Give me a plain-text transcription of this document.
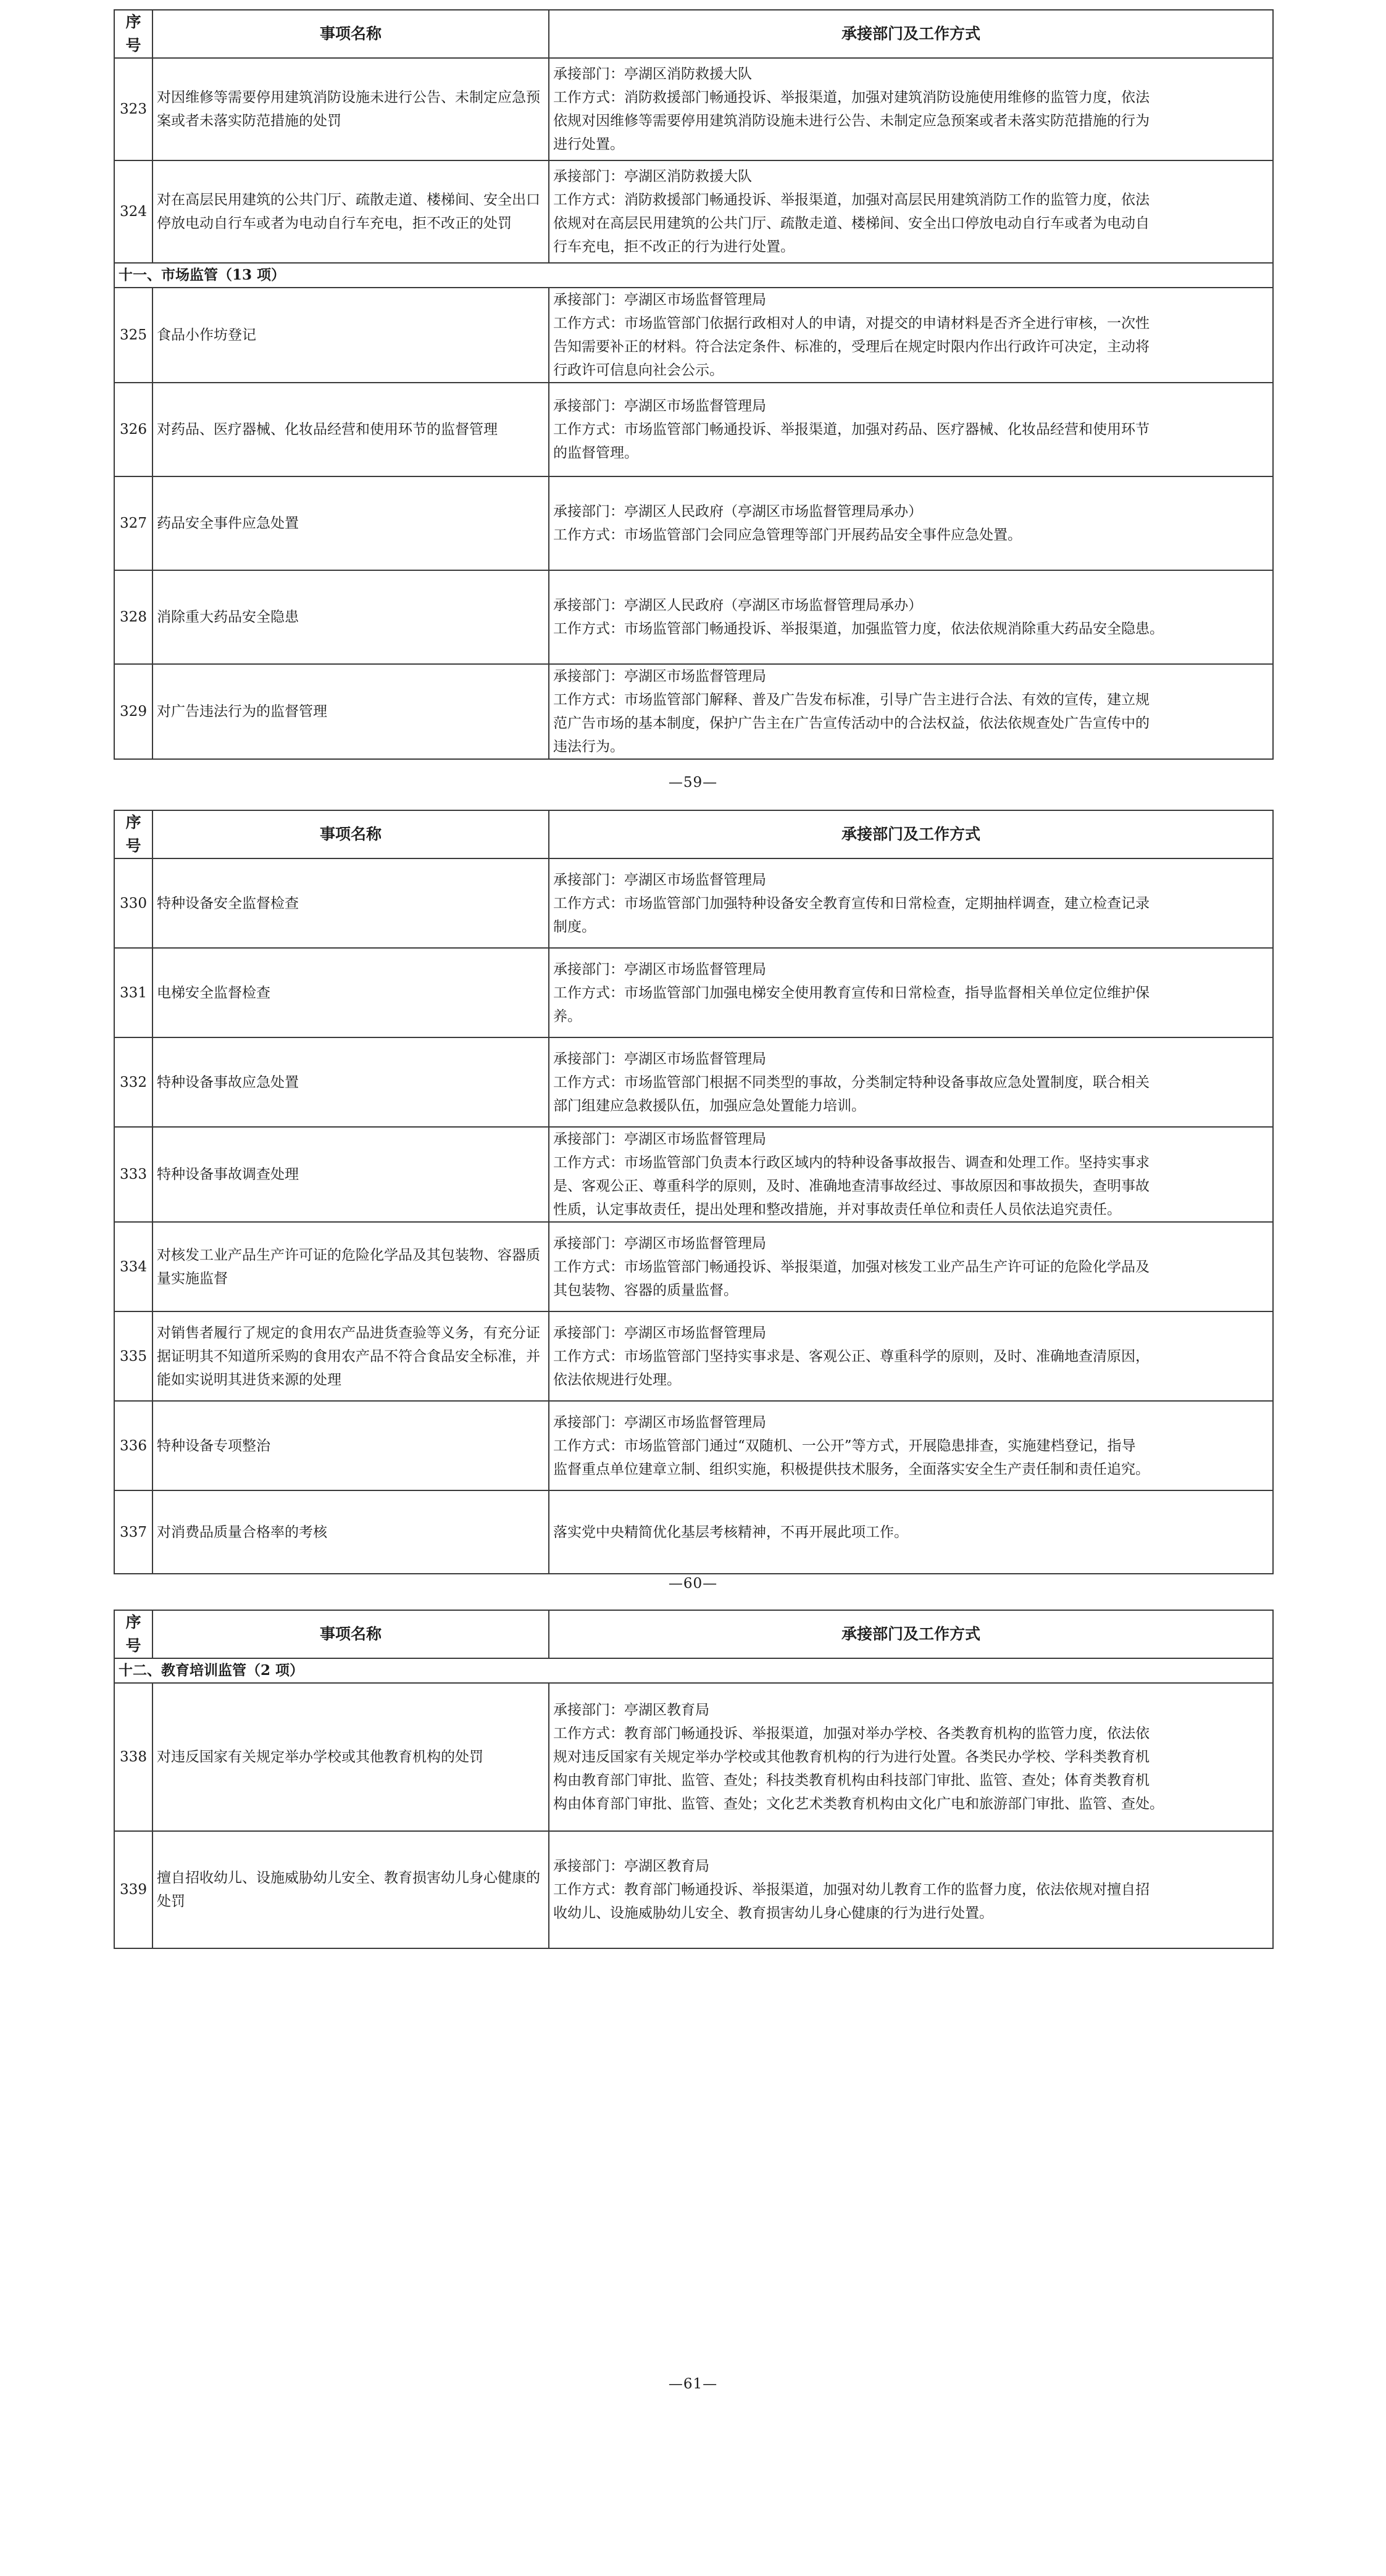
序号	事项名称	承接部门及工作方式
323	对因维修等需要停用建筑消防设施未进行公告、未制定应急预案或者未落实防范措施的处罚	承接部门：亭湖区消防救援大队
工作方式：消防救援部门畅通投诉、举报渠道，加强对建筑消防设施使用维修的监管力度，依法
依规对因维修等需要停用建筑消防设施未进行公告、未制定应急预案或者未落实防范措施的行为
进行处置。

324	对在高层民用建筑的公共门厅、疏散走道、楼梯间、安全出口停放电动自行车或者为电动自行车充电，拒不改正的处罚	承接部门：亭湖区消防救援大队
工作方式：消防救援部门畅通投诉、举报渠道，加强对高层民用建筑消防工作的监管力度，依法
依规对在高层民用建筑的公共门厅、疏散走道、楼梯间、安全出口停放电动自行车或者为电动自
行车充电，拒不改正的行为进行处置。

十一、市场监管（13 项）		
325	食品小作坊登记	承接部门：亭湖区市场监督管理局
工作方式：市场监管部门依据行政相对人的申请，对提交的申请材料是否齐全进行审核，一次性
告知需要补正的材料。符合法定条件、标准的，受理后在规定时限内作出行政许可决定，主动将
行政许可信息向社会公示。

326	对药品、医疗器械、化妆品经营和使用环节的监督管理	承接部门：亭湖区市场监督管理局
工作方式：市场监管部门畅通投诉、举报渠道，加强对药品、医疗器械、化妆品经营和使用环节
的监督管理。

327	药品安全事件应急处置	承接部门：亭湖区人民政府（亭湖区市场监督管理局承办）
工作方式：市场监管部门会同应急管理等部门开展药品安全事件应急处置。

328	消除重大药品安全隐患	承接部门：亭湖区人民政府（亭湖区市场监督管理局承办）
工作方式：市场监管部门畅通投诉、举报渠道，加强监管力度，依法依规消除重大药品安全隐患。

329	对广告违法行为的监督管理	承接部门：亭湖区市场监督管理局
工作方式：市场监管部门解释、普及广告发布标准，引导广告主进行合法、有效的宣传，建立规
范广告市场的基本制度，保护广告主在广告宣传活动中的合法权益，依法依规查处广告宣传中的
违法行为。
—59—
序号	事项名称	承接部门及工作方式
330	特种设备安全监督检查	承接部门：亭湖区市场监督管理局
工作方式：市场监管部门加强特种设备安全教育宣传和日常检查，定期抽样调查，建立检查记录
制度。

331	电梯安全监督检查	承接部门：亭湖区市场监督管理局
工作方式：市场监管部门加强电梯安全使用教育宣传和日常检查，指导监督相关单位定位维护保
养。

332	特种设备事故应急处置	承接部门：亭湖区市场监督管理局
工作方式：市场监管部门根据不同类型的事故，分类制定特种设备事故应急处置制度，联合相关
部门组建应急救援队伍，加强应急处置能力培训。

333	特种设备事故调查处理	承接部门：亭湖区市场监督管理局
工作方式：市场监管部门负责本行政区域内的特种设备事故报告、调查和处理工作。坚持实事求
是、客观公正、尊重科学的原则，及时、准确地查清事故经过、事故原因和事故损失，查明事故
性质，认定事故责任，提出处理和整改措施，并对事故责任单位和责任人员依法追究责任。

334	对核发工业产品生产许可证的危险化学品及其包装物、容器质量实施监督	承接部门：亭湖区市场监督管理局
工作方式：市场监管部门畅通投诉、举报渠道，加强对核发工业产品生产许可证的危险化学品及
其包装物、容器的质量监督。

335	对销售者履行了规定的食用农产品进货查验等义务，有充分证据证明其不知道所采购的食用农产品不符合食品安全标准，并能如实说明其进货来源的处理	承接部门：亭湖区市场监督管理局
工作方式：市场监管部门坚持实事求是、客观公正、尊重科学的原则，及时、准确地查清原因，
依法依规进行处理。

336	特种设备专项整治	承接部门：亭湖区市场监督管理局
工作方式：市场监管部门通过“双随机、一公开”等方式，开展隐患排查，实施建档登记，指导
监督重点单位建章立制、组织实施，积极提供技术服务，全面落实安全生产责任制和责任追究。

337	对消费品质量合格率的考核	落实党中央精简优化基层考核精神，不再开展此项工作。
—60—
序号	事项名称	承接部门及工作方式
十二、教育培训监管（2 项）		
338	对违反国家有关规定举办学校或其他教育机构的处罚	承接部门：亭湖区教育局
工作方式：教育部门畅通投诉、举报渠道，加强对举办学校、各类教育机构的监管力度，依法依
规对违反国家有关规定举办学校或其他教育机构的行为进行处置。各类民办学校、学科类教育机
构由教育部门审批、监管、查处；科技类教育机构由科技部门审批、监管、查处；体育类教育机
构由体育部门审批、监管、查处；文化艺术类教育机构由文化广电和旅游部门审批、监管、查处。

339	擅自招收幼儿、设施威胁幼儿安全、教育损害幼儿身心健康的处罚	承接部门：亭湖区教育局
工作方式：教育部门畅通投诉、举报渠道，加强对幼儿教育工作的监督力度，依法依规对擅自招
收幼儿、设施威胁幼儿安全、教育损害幼儿身心健康的行为进行处置。
—61—
